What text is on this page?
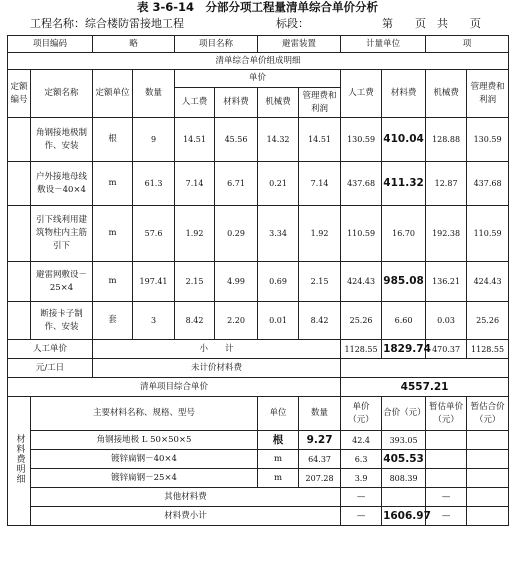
表 3-6-14　分部分项工程量清单综合单价分析
工程名称：综合楼防雷接地工程	标段：	第　　页　共　　页
项目编码		略		项目名称		避雷装置		计量单位		项	
清单综合单价组成明细											
定额编号	定额名称	定额单位	数量	单价				人工费	材料费	机械费	管理费和利润
				人工费	材料费	机械费	管理费和利润				
	角钢接地极制作、安装	根	9	14.51	45.56	14.32	14.51	130.59	410.04	128.88	130.59
	户外接地母线敷设－40×4	m	61.3	7.14	6.71	0.21	7.14	437.68	411.32	12.87	437.68
	引下线利用建筑物柱内主筋引下	m	57.6	1.92	0.29	3.34	1.92	110.59	16.70	192.38	110.59
	避雷网敷设－25×4	m	197.41	2.15	4.99	0.69	2.15	424.43	985.08	136.21	424.43
	断接卡子制作、安装	套	3	8.42	2.20	0.01	8.42	25.26	6.60	0.03	25.26
人工单价		小　　计						1128.55	1829.74	470.37	1128.55
元/工日		未计价材料费									
清单项目综合单价								4557.21			
材料费明细	主要材料名称、规格、型号					单位	数量	单价（元）	合价（元）	暂估单价（元）	暂估合价（元）
	角钢接地极 L 50×50×5					根	9.27	42.4	393.05		
	镀锌扁钢－40×4					m	64.37	6.3	405.53		
	镀锌扁钢－25×4					m	207.28	3.9	808.39		
	其他材料费							—		—	
	材料费小计							—	1606.97	—	
